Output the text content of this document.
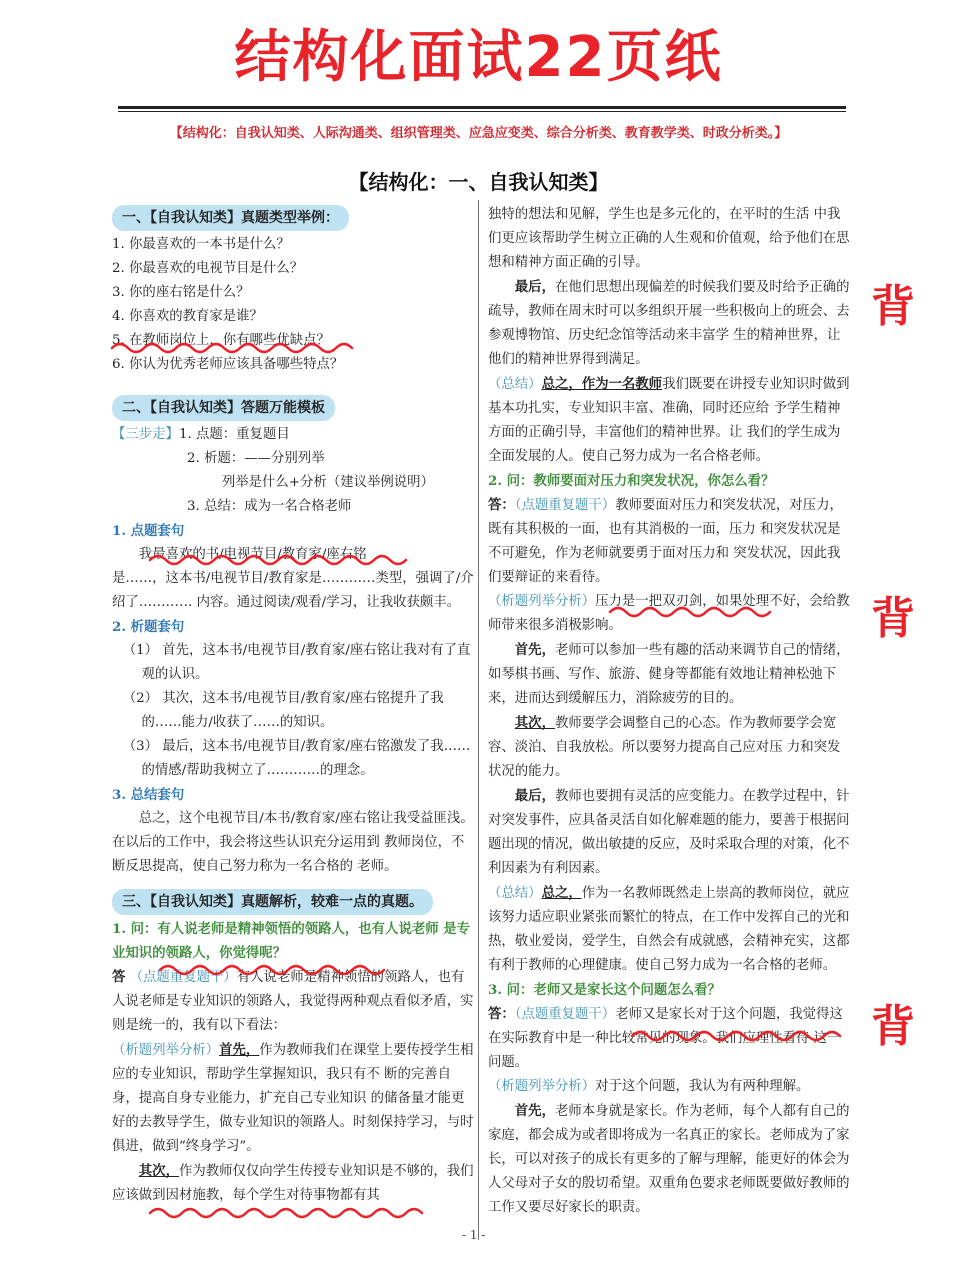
结构化面试22页纸
【结构化：自我认知类、人际沟通类、组织管理类、应急应变类、综合分析类、教育教学类、时政分析类。】
【结构化：一、自我认知类】
一、【自我认知类】真题类型举例：

1. 你最喜欢的一本书是什么？

2. 你最喜欢的电视节目是什么？

3. 你的座右铭是什么？

4. 你喜欢的教育家是谁？

5. 在教师岗位上，你有哪些优缺点？

6. 你认为优秀老师应该具备哪些特点？

二、【自我认知类】答题万能模板

【三步走】1. 点题：重复题目

2. 析题：——分别列举

列举是什么+分析（建议举例说明）

3. 总结：成为一名合格老师

1. 点题套句

我最喜欢的书/电视节目/教育家/座右铭

是……，这本书/电视节目/教育家是…………类型，强调了/介绍了………… 内容。通过阅读/观看/学习，让我收获颇丰。

2. 析题套句

（1） 首先，这本书/电视节目/教育家/座右铭让我对有了直观的认识。

（2） 其次，这本书/电视节目/教育家/座右铭提升了我的……能力/收获了……的知识。

（3） 最后，这本书/电视节目/教育家/座右铭激发了我……的情感/帮助我树立了…………的理念。

3. 总结套句

总之，这个电视节目/本书/教育家/座右铭让我受益匪浅。在以后的工作中，我会将这些认识充分运用到 教师岗位，不断反思提高，使自己努力称为一名合格的 老师。

三、【自我认知类】真题解析，较难一点的真题。

1. 问：有人说老师是精神领悟的领路人，也有人说老师 是专业知识的领路人，你觉得呢？

答 （点题重复题干）有人说老师是精神领悟的领路人，也有人说老师是专业知识的领路人，我觉得两种观点看似矛盾，实则是统一的，我有以下看法：

（析题列举分析）首先，作为教师我们在课堂上要传授学生相应的专业知识，帮助学生掌握知识，我只有不 断的完善自身，提高自身专业能力，扩充自己专业知识 的储备量才能更好的去教导学生，做专业知识的领路人。时刻保持学习，与时俱进，做到“终身学习”。

其次，作为教师仅仅向学生传授专业知识是不够的，我们应该做到因材施教，每个学生对待事物都有其

独特的想法和见解，学生也是多元化的，在平时的生活 中我们更应该帮助学生树立正确的人生观和价值观，给予他们在思想和精神方面正确的引导。

最后，在他们思想出现偏差的时候我们要及时给予正确的疏导，教师在周末时可以多组织开展一些积极向上的班会、去参观博物馆、历史纪念馆等活动来丰富学 生的精神世界，让他们的精神世界得到满足。

（总结）总之，作为一名教师我们既要在讲授专业知识时做到基本功扎实，专业知识丰富、准确，同时还应给 予学生精神方面的正确引导，丰富他们的精神世界。让 我们的学生成为全面发展的人。使自己努力成为一名合格老师。

2. 问：教师要面对压力和突发状况，你怎么看？

答：（点题重复题干）教师要面对压力和突发状况，对压力，既有其积极的一面，也有其消极的一面，压力 和突发状况是不可避免，作为老师就要勇于面对压力和 突发状况，因此我们要辩证的来看待。

（析题列举分析）压力是一把双刃剑，如果处理不好，会给教师带来很多消极影响。

首先，老师可以参加一些有趣的活动来调节自己的情绪，如琴棋书画、写作、旅游、健身等都能有效地让精神松弛下来，进而达到缓解压力，消除疲劳的目的。

其次，教师要学会调整自己的心态。作为教师要学会宽容、淡泊、自我放松。所以要努力提高自己应对压 力和突发状况的能力。

最后，教师也要拥有灵活的应变能力。在教学过程中，针对突发事件，应具备灵活自如化解难题的能力，要善于根据问题出现的情况，做出敏捷的反应，及时采取合理的对策，化不利因素为有利因素。

（总结）总之，作为一名教师既然走上崇高的教师岗位，就应该努力适应职业紧张而繁忙的特点，在工作中发挥自己的光和热，敬业爱岗，爱学生，自然会有成就感，会精神充实，这都有利于教师的心理健康。使自己努力成为一名合格的老师。

3. 问：老师又是家长这个问题怎么看？

答：（点题重复题干）老师又是家长对于这个问题，我觉得这在实际教育中是一种比较常见的现象。我们应理性看待 这一问题。

（析题列举分析）对于这个问题，我认为有两种理解。

首先，老师本身就是家长。作为老师，每个人都有自己的家庭，都会成为或者即将成为一名真正的家长。老师成为了家长，可以对孩子的成长有更多的了解与理解，能更好的体会为人父母对子女的殷切希望。双重角色要求老师既要做好教师的工作又要尽好家长的职责。

背
背
背
- 1 -
